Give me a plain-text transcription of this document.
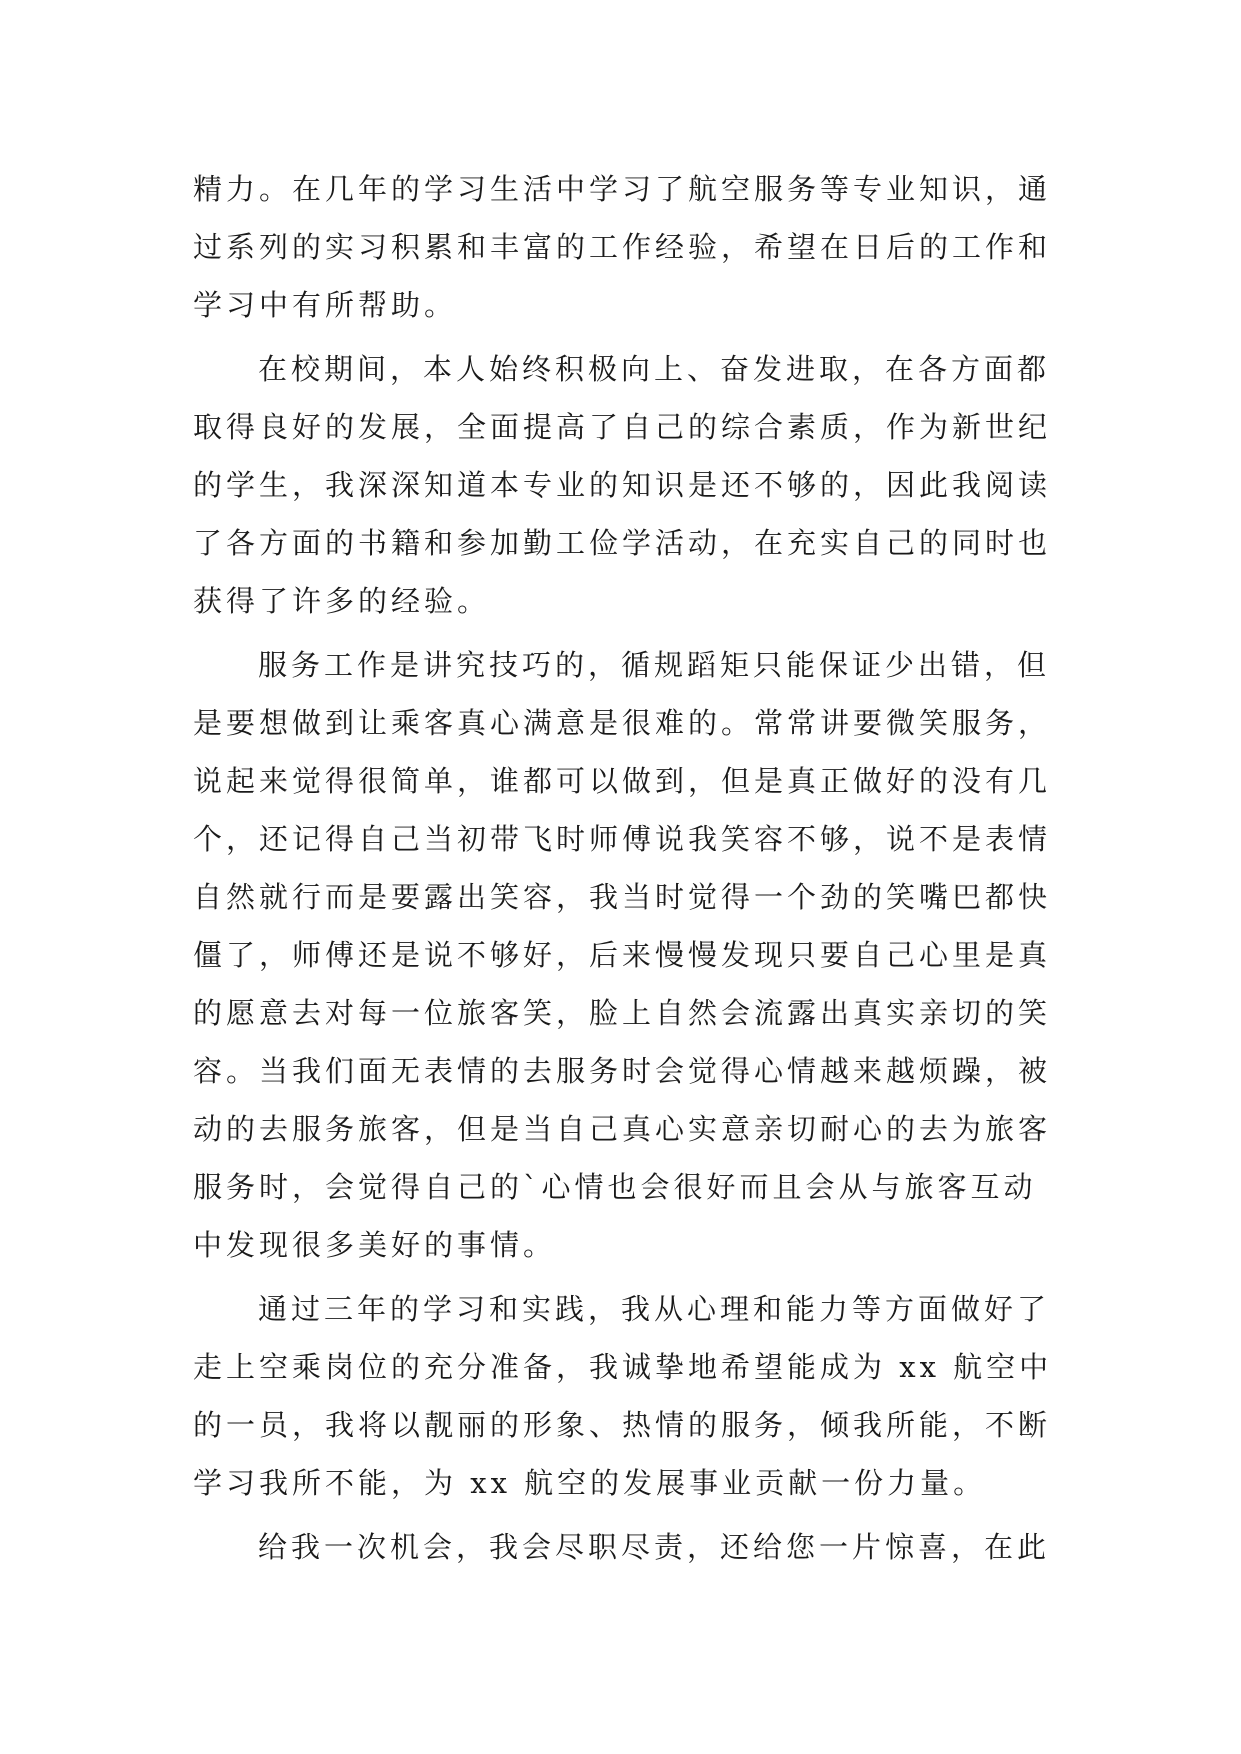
精力。在几年的学习生活中学习了航空服务等专业知识，通
过系列的实习积累和丰富的工作经验，希望在日后的工作和
学习中有所帮助。
在校期间，本人始终积极向上、奋发进取，在各方面都
取得良好的发展，全面提高了自己的综合素质，作为新世纪
的学生，我深深知道本专业的知识是还不够的，因此我阅读
了各方面的书籍和参加勤工俭学活动，在充实自己的同时也
获得了许多的经验。
服务工作是讲究技巧的，循规蹈矩只能保证少出错，但
是要想做到让乘客真心满意是很难的。常常讲要微笑服务，
说起来觉得很简单，谁都可以做到，但是真正做好的没有几
个，还记得自己当初带飞时师傅说我笑容不够，说不是表情
自然就行而是要露出笑容，我当时觉得一个劲的笑嘴巴都快
僵了，师傅还是说不够好，后来慢慢发现只要自己心里是真
的愿意去对每一位旅客笑，脸上自然会流露出真实亲切的笑
容。当我们面无表情的去服务时会觉得心情越来越烦躁，被
动的去服务旅客，但是当自己真心实意亲切耐心的去为旅客
服务时，会觉得自己的`心情也会很好而且会从与旅客互动
中发现很多美好的事情。
通过三年的学习和实践，我从心理和能力等方面做好了
走上空乘岗位的充分准备，我诚挚地希望能成为 xx 航空中
的一员，我将以靓丽的形象、热情的服务，倾我所能，不断
学习我所不能，为 xx 航空的发展事业贡献一份力量。
给我一次机会，我会尽职尽责，还给您一片惊喜，在此
